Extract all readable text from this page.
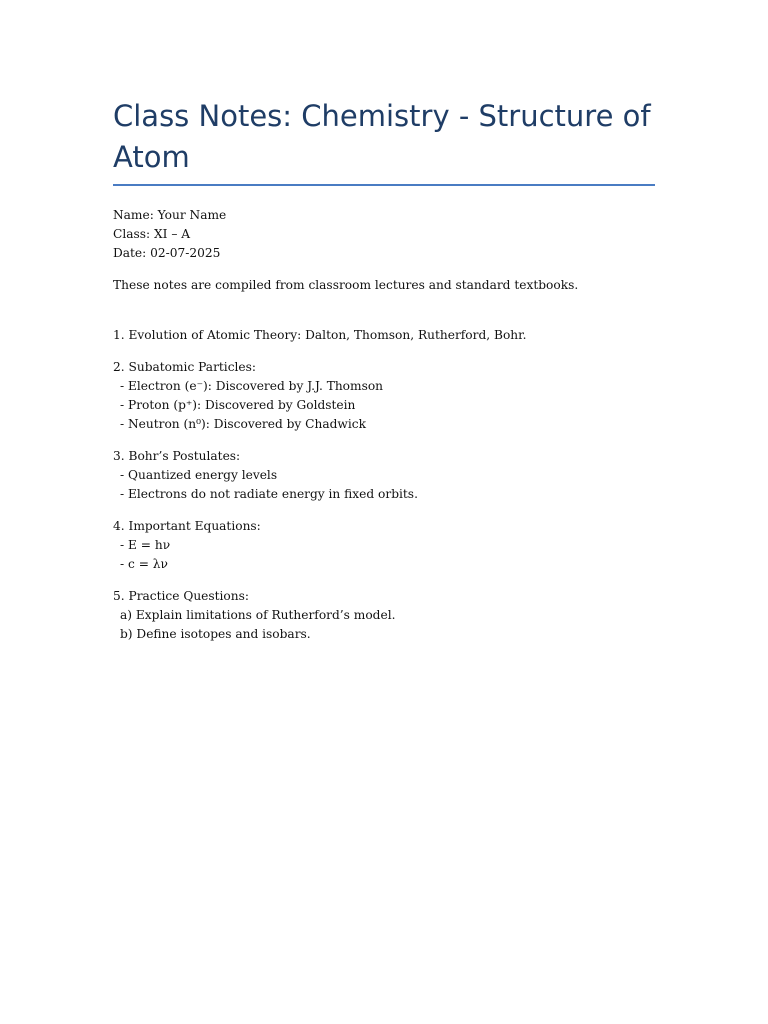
Class Notes: Chemistry - Structure of Atom
Name: Your Name
Class: XI – A
Date: 02-07-2025
These notes are compiled from classroom lectures and standard textbooks.
1. Evolution of Atomic Theory: Dalton, Thomson, Rutherford, Bohr.
2. Subatomic Particles:
- Electron (e⁻): Discovered by J.J. Thomson
- Proton (p⁺): Discovered by Goldstein
- Neutron (n⁰): Discovered by Chadwick
3. Bohr’s Postulates:
- Quantized energy levels
- Electrons do not radiate energy in fixed orbits.
4. Important Equations:
- E = hν
- c = λν
5. Practice Questions:
a) Explain limitations of Rutherford’s model.
b) Define isotopes and isobars.
